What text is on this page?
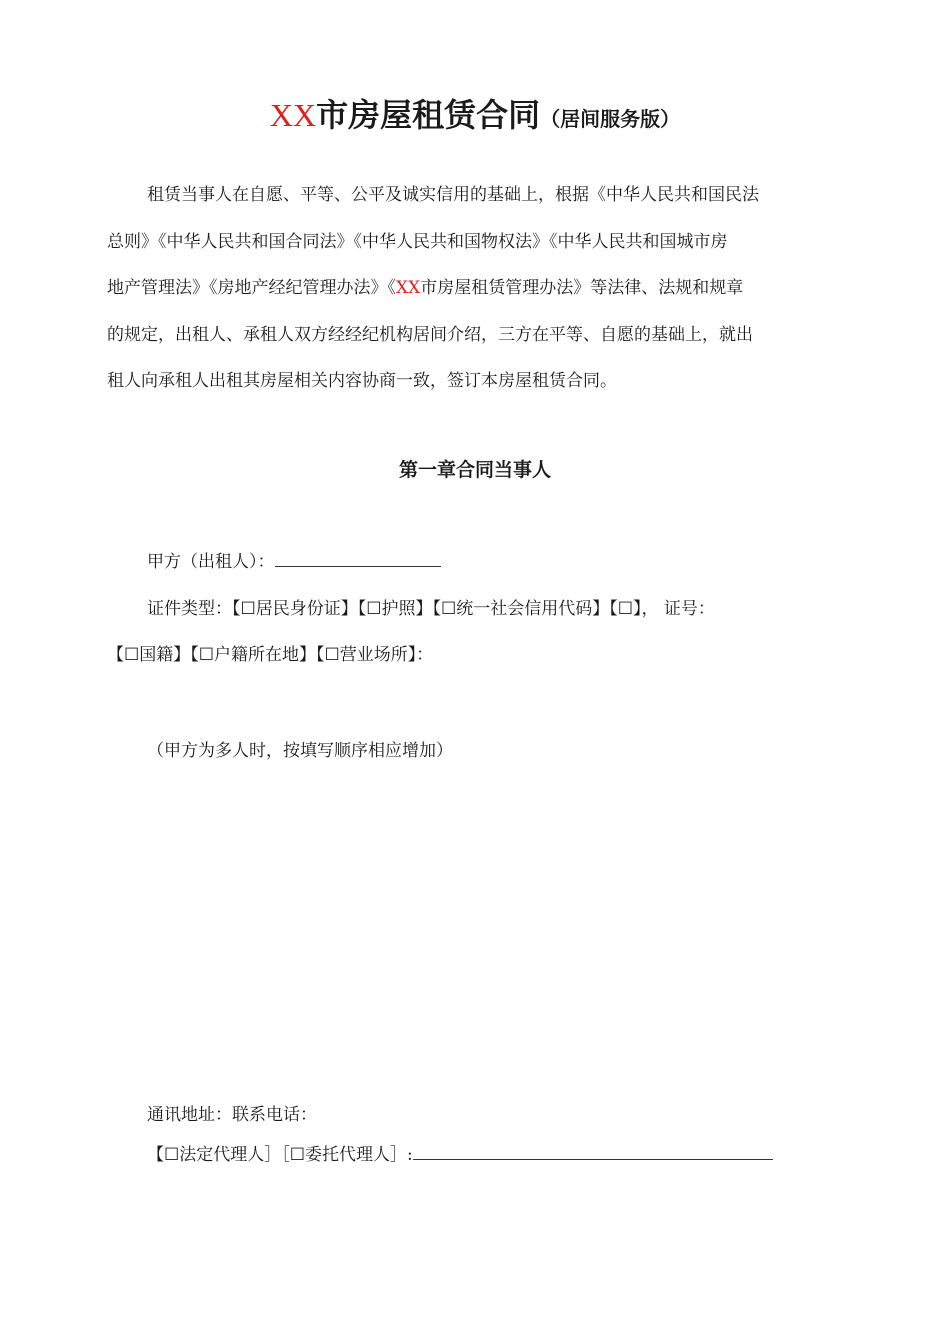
XX市房屋租赁合同（居间服务版）

租赁当事人在自愿、平等、公平及诚实信用的基础上，根据《中华人民共和国民法

总则》《中华人民共和国合同法》《中华人民共和国物权法》《中华人民共和国城市房

地产管理法》《房地产经纪管理办法》《XX市房屋租赁管理办法》等法律、法规和规章

的规定，出租人、承租人双方经经纪机构居间介绍，三方在平等、自愿的基础上，就出

租人向承租人出租其房屋相关内容协商一致，签订本房屋租赁合同。

第一章合同当事人
甲方（出租人）：
证件类型：【☐居民身份证】【☐护照】【☐统一社会信用代码】【☐】， 证号：
【☐国籍】【☐户籍所在地】【☐营业场所】：
（甲方为多人时，按填写顺序相应增加）
通讯地址：联系电话：
【☐法定代理人］［☐委托代理人］:
